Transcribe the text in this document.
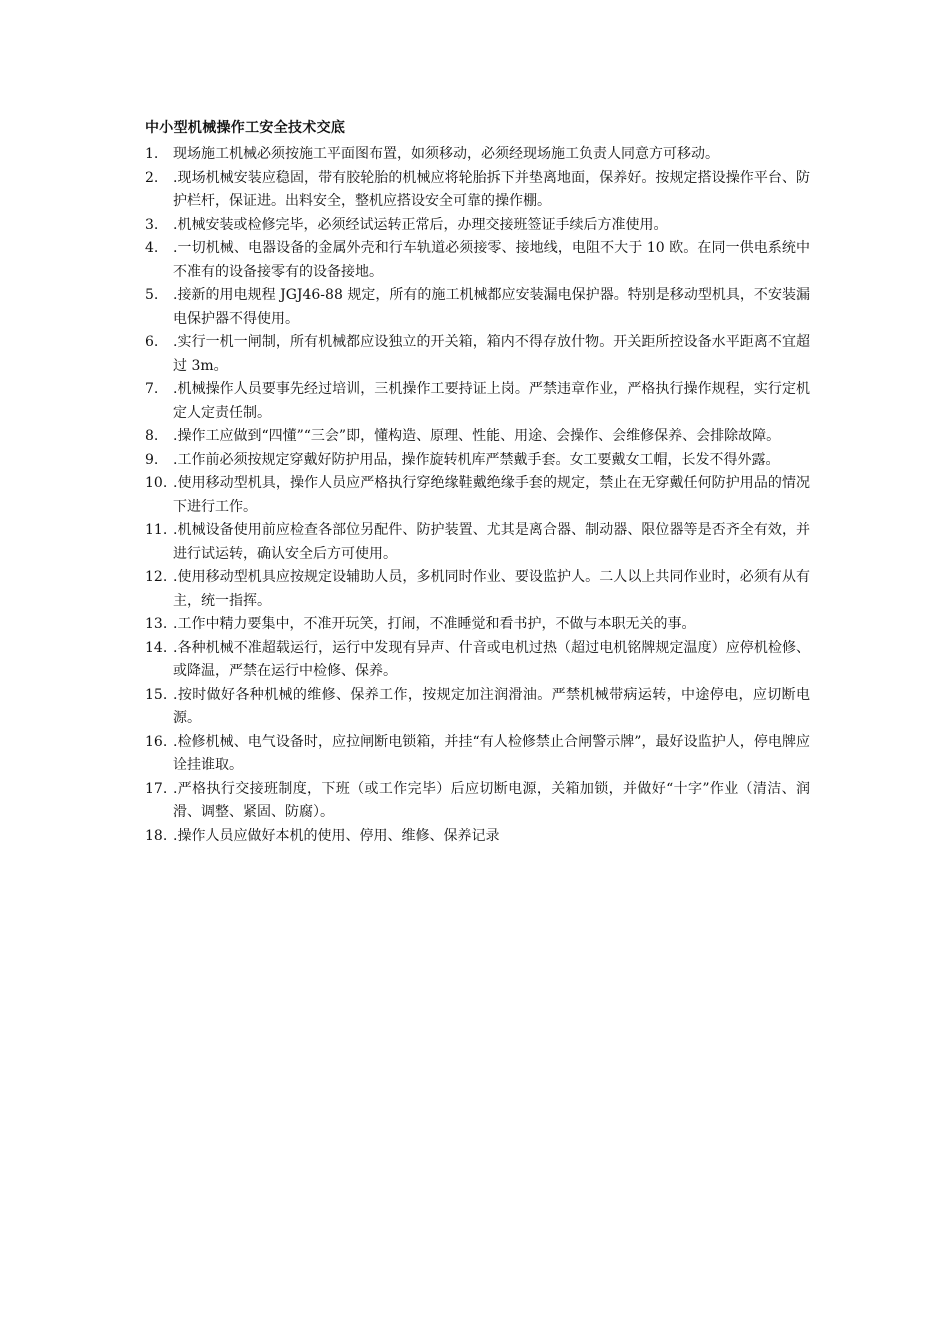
中小型机械操作工安全技术交底
1.	现场施工机械必须按施工平面图布置，如须移动，必须经现场施工负责人同意方可移动。
2.	.现场机械安装应稳固，带有胶轮胎的机械应将轮胎拆下并垫离地面，保养好。按规定搭设操作平台、防护栏杆，保证进。出料安全，整机应搭设安全可靠的操作棚。
3.	.机械安装或检修完毕，必须经试运转正常后，办理交接班签证手续后方准使用。
4.	.一切机械、电器设备的金属外壳和行车轨道必须接零、接地线，电阻不大于 10 欧。在同一供电系统中不准有的设备接零有的设备接地。
5.	.接新的用电规程 JGJ46-88 规定，所有的施工机械都应安装漏电保护器。特别是移动型机具，不安装漏电保护器不得使用。
6.	.实行一机一闸制，所有机械都应设独立的开关箱，箱内不得存放什物。开关距所控设备水平距离不宜超过 3m。
7.	.机械操作人员要事先经过培训，三机操作工要持证上岗。严禁违章作业，严格执行操作规程，实行定机定人定责任制。
8.	.操作工应做到“四懂”“三会”即，懂构造、原理、性能、用途、会操作、会维修保养、会排除故障。
9.	.工作前必须按规定穿戴好防护用品，操作旋转机库严禁戴手套。女工要戴女工帽，长发不得外露。
10. .使用移动型机具，操作人员应严格执行穿绝缘鞋戴绝缘手套的规定，禁止在无穿戴任何防护用品的情况下进行工作。
11. .机械设备使用前应检查各部位另配件、防护装置、尤其是离合器、制动器、限位器等是否齐全有效，并进行试运转，确认安全后方可使用。
12. .使用移动型机具应按规定设辅助人员，多机同时作业、要设监护人。二人以上共同作业时，必须有从有主，统一指挥。
13. .工作中精力要集中，不准开玩笑，打闹，不准睡觉和看书护，不做与本职无关的事。
14. .各种机械不准超载运行，运行中发现有异声、什音或电机过热（超过电机铭牌规定温度）应停机检修、或降温，严禁在运行中检修、保养。
15. .按时做好各种机械的维修、保养工作，按规定加注润滑油。严禁机械带病运转，中途停电，应切断电源。
16. .检修机械、电气设备时，应拉闸断电锁箱，并挂“有人检修禁止合闸警示牌”，最好设监护人，停电牌应诠挂谁取。
17. .严格执行交接班制度，下班（或工作完毕）后应切断电源，关箱加锁，并做好“十字”作业（清洁、润滑、调整、紧固、防腐）。
18. .操作人员应做好本机的使用、停用、维修、保养记录
